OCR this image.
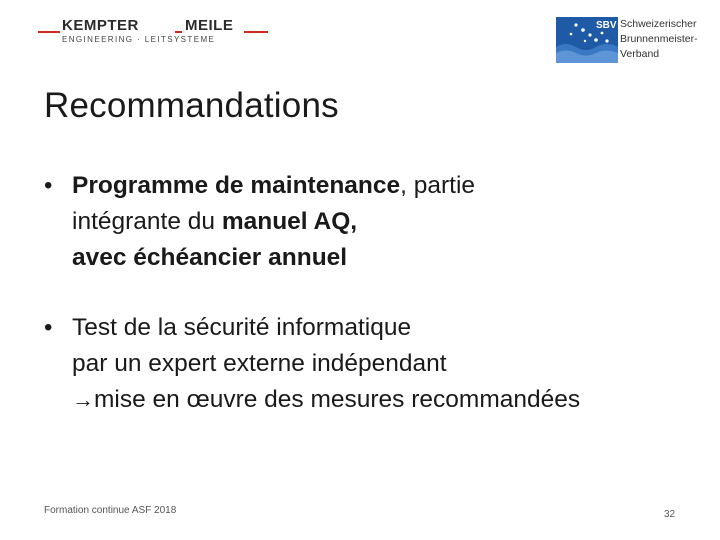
KEMPTER	MEILE
ENGINEERING · LEITSYSTEME
SBV Schweizerischer
Brunnenmeister-
Verband
Recommandations
• Programme de maintenance, partie
intégrante du manuel AQ,
avec échéancier annuel
• Test de la sécurité informatique
par un expert externe indépendant
→mise en œuvre des mesures recommandées
Formation continue ASF 2018	32
